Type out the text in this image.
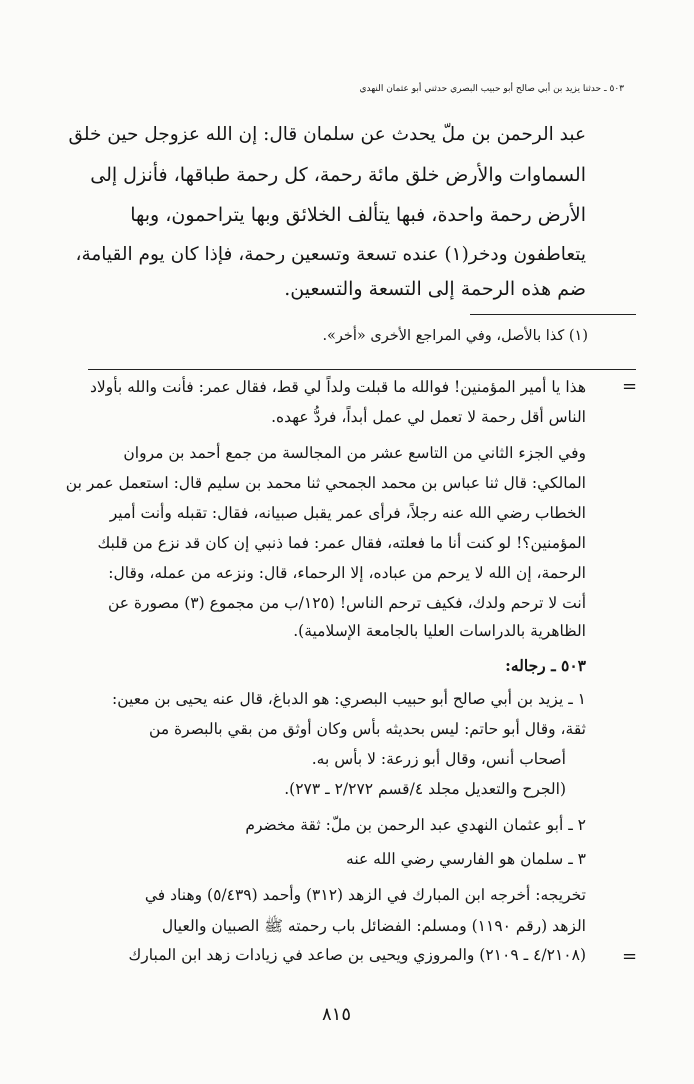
٥٠٣ ـ حدثنا يزيد بن أبي صالح أبو حبيب البصري حدثني أبو عثمان النهدي
عبد الرحمن بن ملّ يحدث عن سلمان قال: إن الله عزوجل حين خلق
السماوات والأرض خلق مائة رحمة، كل رحمة طباقها، فأنزل إلى
الأرض رحمة واحدة، فبها يتألف الخلائق وبها يتراحمون، وبها
يتعاطفون ودخر(١) عنده تسعة وتسعين رحمة، فإذا كان يوم القيامة،
ضم هذه الرحمة إلى التسعة والتسعين.
(١) كذا بالأصل، وفي المراجع الأخرى «أخر».
=
هذا يا أمير المؤمنين! فوالله ما قبلت ولداً لي قط، فقال عمر: فأنت والله بأولاد
الناس أقل رحمة لا تعمل لي عمل أبداً، فردُّ عهده.
وفي الجزء الثاني من التاسع عشر من المجالسة من جمع أحمد بن مروان
المالكي: قال ثنا عباس بن محمد الجمحي ثنا محمد بن سليم قال: استعمل عمر بن
الخطاب رضي الله عنه رجلاً، فرأى عمر يقبل صبيانه، فقال: تقبله وأنت أمير
المؤمنين؟! لو كنت أنا ما فعلته، فقال عمر: فما ذنبي إن كان قد نزع من قلبك
الرحمة، إن الله لا يرحم من عباده، إلا الرحماء، قال: ونزعه من عمله، وقال:
أنت لا ترحم ولدك، فكيف ترحم الناس! (١٢٥/ب من مجموع (٣) مصورة عن
الظاهرية بالدراسات العليا بالجامعة الإسلامية).
٥٠٣ ـ رجاله:
١ ـ يزيد بن أبي صالح أبو حبيب البصري: هو الدباغ، قال عنه يحيى بن معين:
ثقة، وقال أبو حاتم: ليس بحديثه بأس وكان أوثق من بقي بالبصرة من
أصحاب أنس، وقال أبو زرعة: لا بأس به.
(الجرح والتعديل مجلد ٤/قسم ٢/٢٧٢ ـ ٢٧٣).
٢ ـ أبو عثمان النهدي عبد الرحمن بن ملّ: ثقة مخضرم
٣ ـ سلمان هو الفارسي رضي الله عنه
تخريجه: أخرجه ابن المبارك في الزهد (٣١٢) وأحمد (٥/٤٣٩) وهناد في
الزهد (رقم ١١٩٠) ومسلم: الفضائل باب رحمته ﷺ الصبيان والعيال
(٤/٢١٠٨ ـ ٢١٠٩) والمروزي ويحيى بن صاعد في زيادات زهد ابن المبارك =
٨١٥
